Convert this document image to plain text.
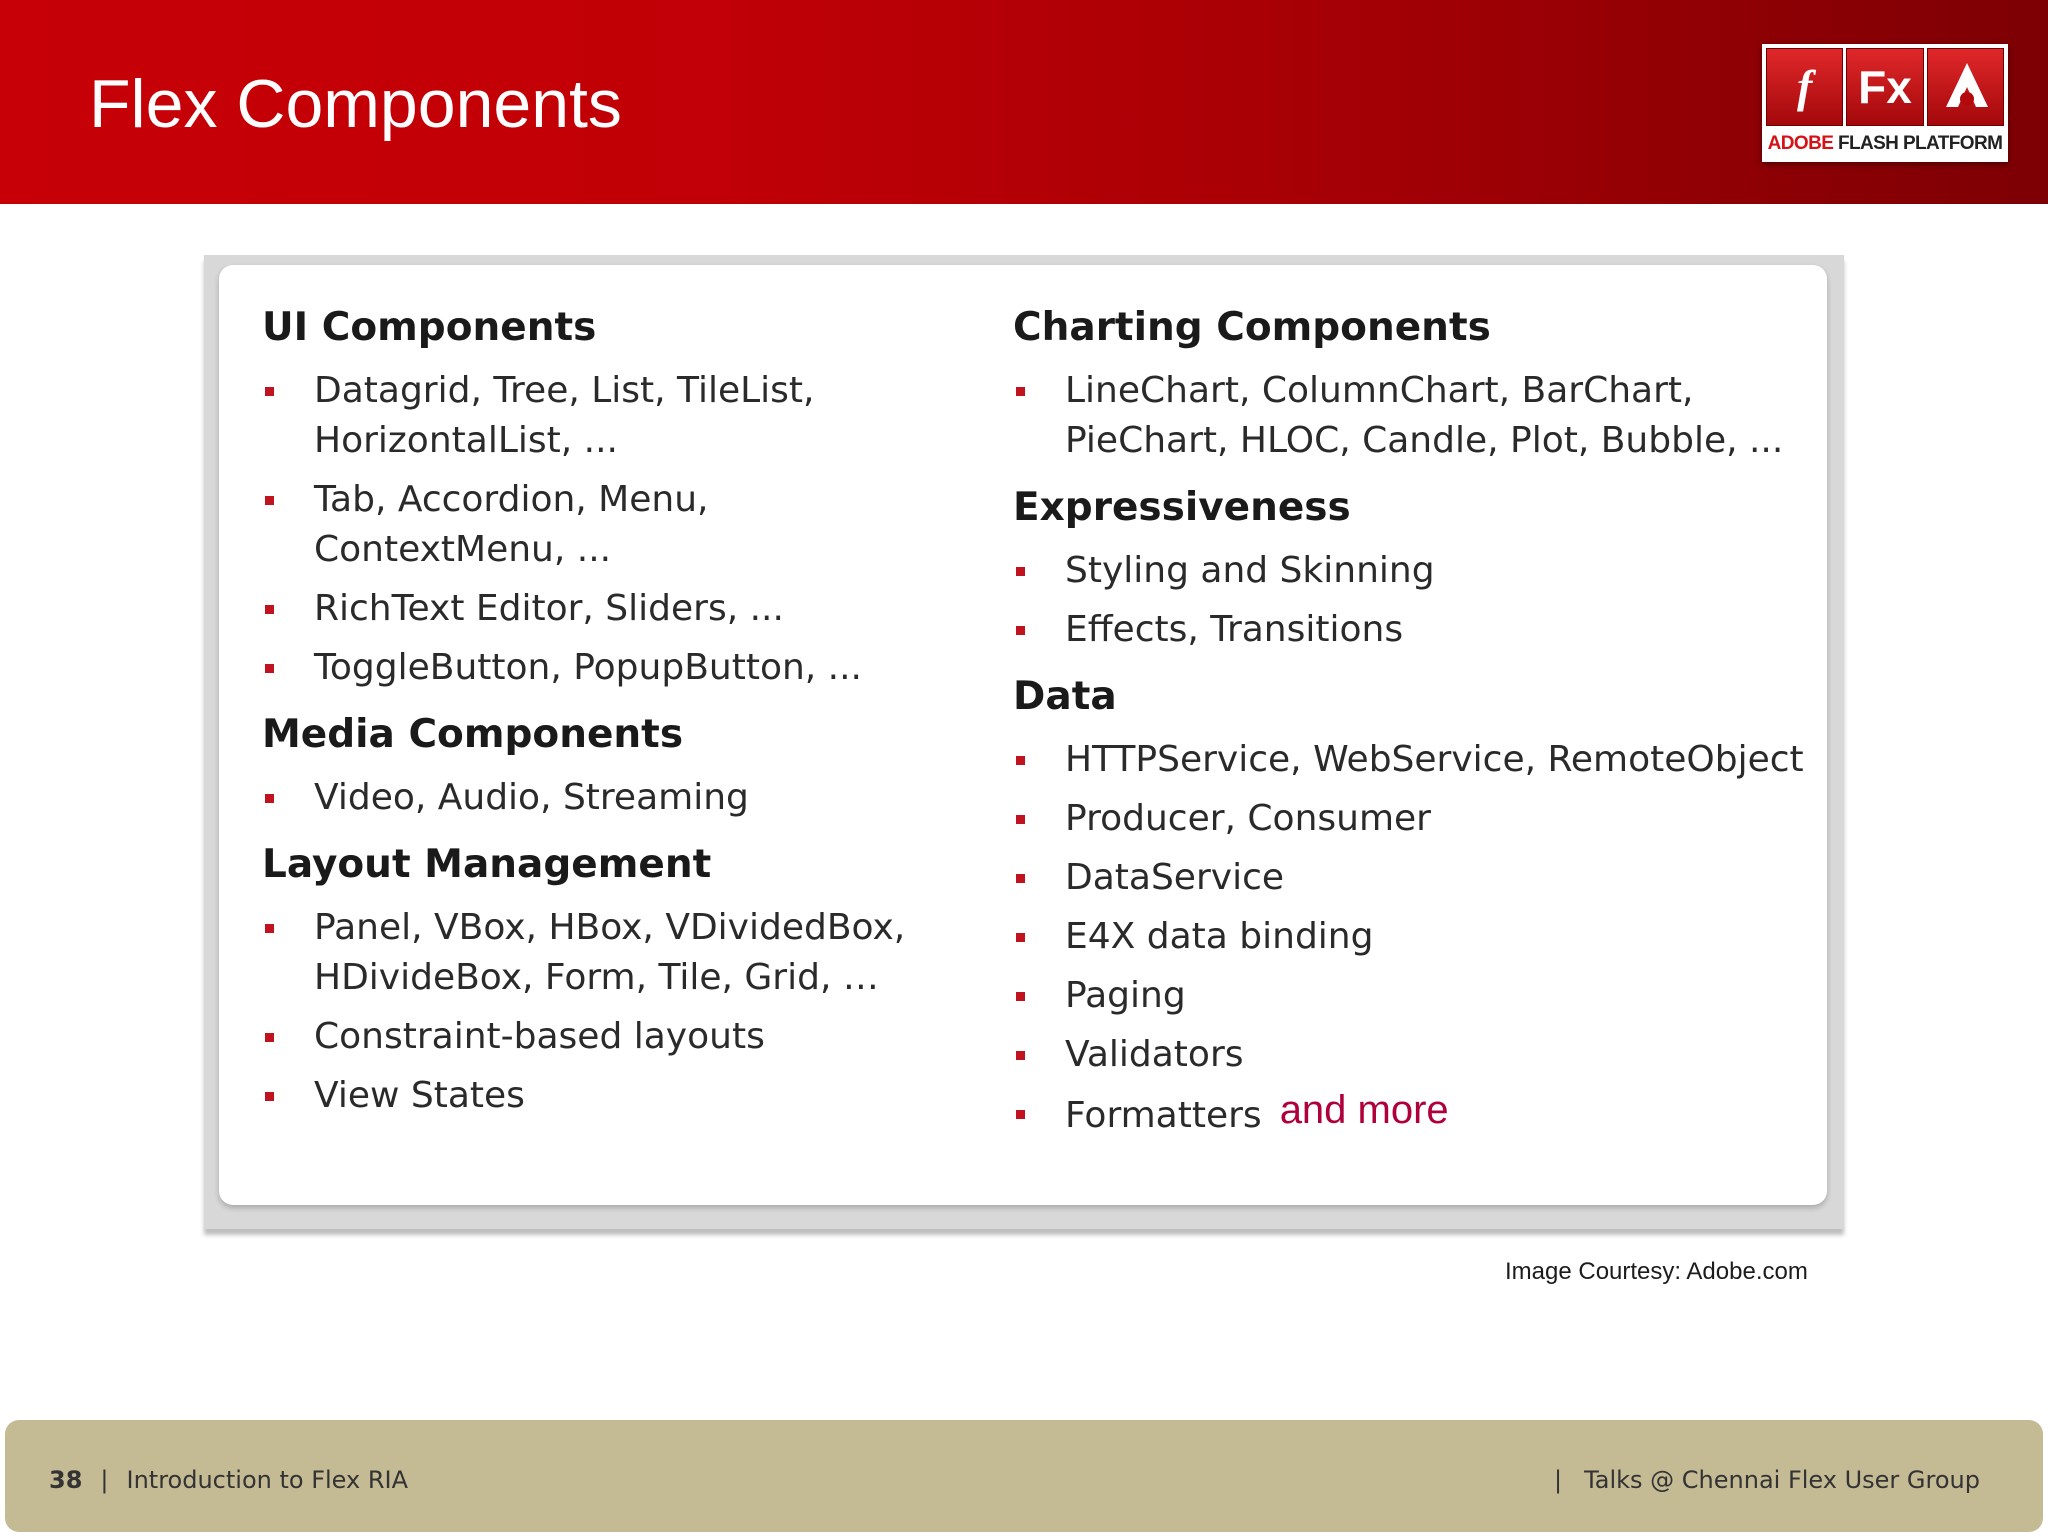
Flex Components	f Fx
ADOBE FLASH PLATFORM
UI Components
Datagrid, Tree, List, TileList,
HorizontalList, ...
Tab, Accordion, Menu,
ContextMenu, ...
RichText Editor, Sliders, ...
ToggleButton, PopupButton, ...
Media Components
Video, Audio, Streaming
Layout Management
Panel, VBox, HBox, VDividedBox,
HDivideBox, Form, Tile, Grid, …
Constraint-based layouts
View States
Charting Components
LineChart, ColumnChart, BarChart,
PieChart, HLOC, Candle, Plot, Bubble, ...
Expressiveness
Styling and Skinning
Effects, Transitions
Data
HTTPService, WebService, RemoteObject
Producer, Consumer
DataService
E4X data binding
Paging
Validators
Formatters and more
Image Courtesy: Adobe.com
38 | Introduction to Flex RIA	| Talks @ Chennai Flex User Group
